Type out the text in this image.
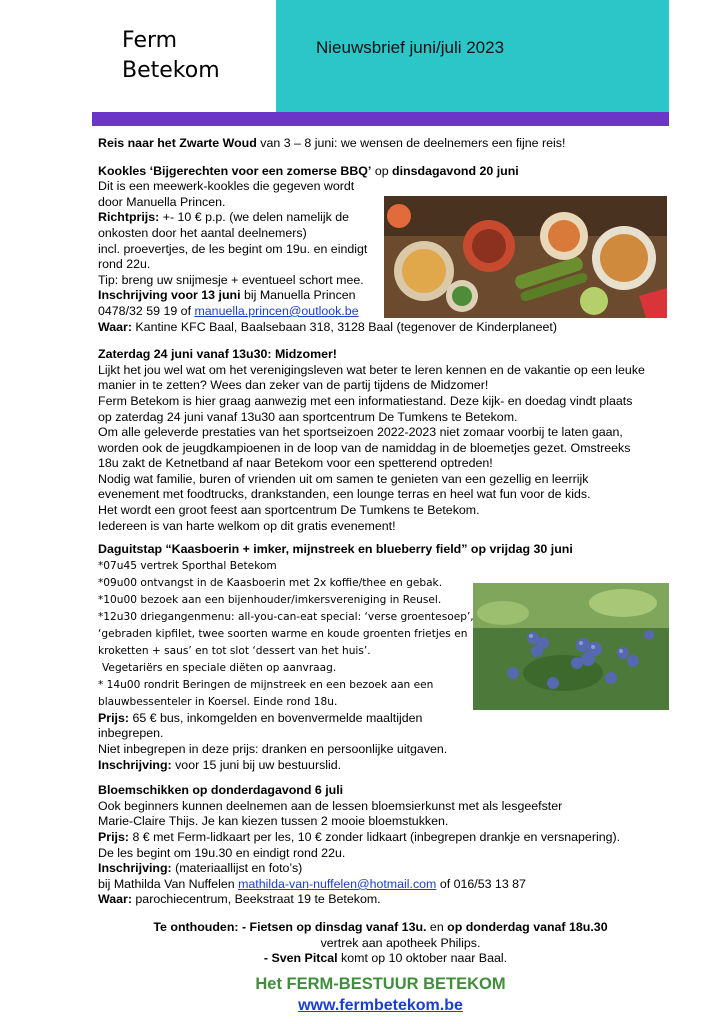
Ferm
Betekom
Nieuwsbrief juni/juli 2023
Reis naar het Zwarte Woud van 3 – 8 juni: we wensen de deelnemers een fijne reis!
Kookles ‘Bijgerechten voor een zomerse BBQ’ op dinsdagavond 20 juni
Dit is een meewerk-kookles die gegeven wordt
door Manuella Princen.
Richtprijs: +- 10 € p.p. (we delen namelijk de
onkosten door het aantal deelnemers)
incl. proevertjes, de les begint om 19u. en eindigt
rond 22u.
Tip: breng uw snijmesje + eventueel schort mee.
Inschrijving voor 13 juni bij Manuella Princen
0478/32 59 19 of manuella.princen@outlook.be
Waar: Kantine KFC Baal, Baalsebaan 318, 3128 Baal (tegenover de Kinderplaneet)
Zaterdag 24 juni vanaf 13u30: Midzomer!
Lijkt het jou wel wat om het verenigingsleven wat beter te leren kennen en de vakantie op een leuke
manier in te zetten? Wees dan zeker van de partij tijdens de Midzomer!
Ferm Betekom is hier graag aanwezig met een informatiestand. Deze kijk- en doedag vindt plaats
op zaterdag 24 juni vanaf 13u30 aan sportcentrum De Tumkens te Betekom.
Om alle geleverde prestaties van het sportseizoen 2022-2023 niet zomaar voorbij te laten gaan,
worden ook de jeugdkampioenen in de loop van de namiddag in de bloemetjes gezet. Omstreeks
18u zakt de Ketnetband af naar Betekom voor een spetterend optreden!
Nodig wat familie, buren of vrienden uit om samen te genieten van een gezellig en leerrijk
evenement met foodtrucks, drankstanden, een lounge terras en heel wat fun voor de kids.
Het wordt een groot feest aan sportcentrum De Tumkens te Betekom.
Iedereen is van harte welkom op dit gratis evenement!
Daguitstap “Kaasboerin + imker, mijnstreek en blueberry field” op vrijdag 30 juni
*07u45 vertrek Sporthal Betekom
*09u00 ontvangst in de Kaasboerin met 2x koffie/thee en gebak.
*10u00 bezoek aan een bijenhouder/imkersvereniging in Reusel.
*12u30 driegangenmenu: all-you-can-eat special: ‘verse groentesoep’,
‘gebraden kipfilet, twee soorten warme en koude groenten frietjes en
kroketten + saus’ en tot slot ‘dessert van het huis’.
Vegetariërs en speciale diëten op aanvraag.
* 14u00 rondrit Beringen de mijnstreek en een bezoek aan een
blauwbessenteler in Koersel. Einde rond 18u.
Prijs: 65 € bus, inkomgelden en bovenvermelde maaltijden
inbegrepen.
Niet inbegrepen in deze prijs: dranken en persoonlijke uitgaven.
Inschrijving: voor 15 juni bij uw bestuurslid.
Bloemschikken op donderdagavond 6 juli
Ook beginners kunnen deelnemen aan de lessen bloemsierkunst met als lesgeefster
Marie-Claire Thijs. Je kan kiezen tussen 2 mooie bloemstukken.
Prijs: 8 € met Ferm-lidkaart per les, 10 € zonder lidkaart (inbegrepen drankje en versnapering).
De les begint om 19u.30 en eindigt rond 22u.
Inschrijving: (materiaallijst en foto’s)
bij Mathilda Van Nuffelen mathilda-van-nuffelen@hotmail.com of 016/53 13 87
Waar: parochiecentrum, Beekstraat 19 te Betekom.
Te onthouden: - Fietsen op dinsdag vanaf 13u. en op donderdag vanaf 18u.30
vertrek aan apotheek Philips.
- Sven Pitcal komt op 10 oktober naar Baal.
Het FERM-BESTUUR BETEKOM
www.fermbetekom.be
